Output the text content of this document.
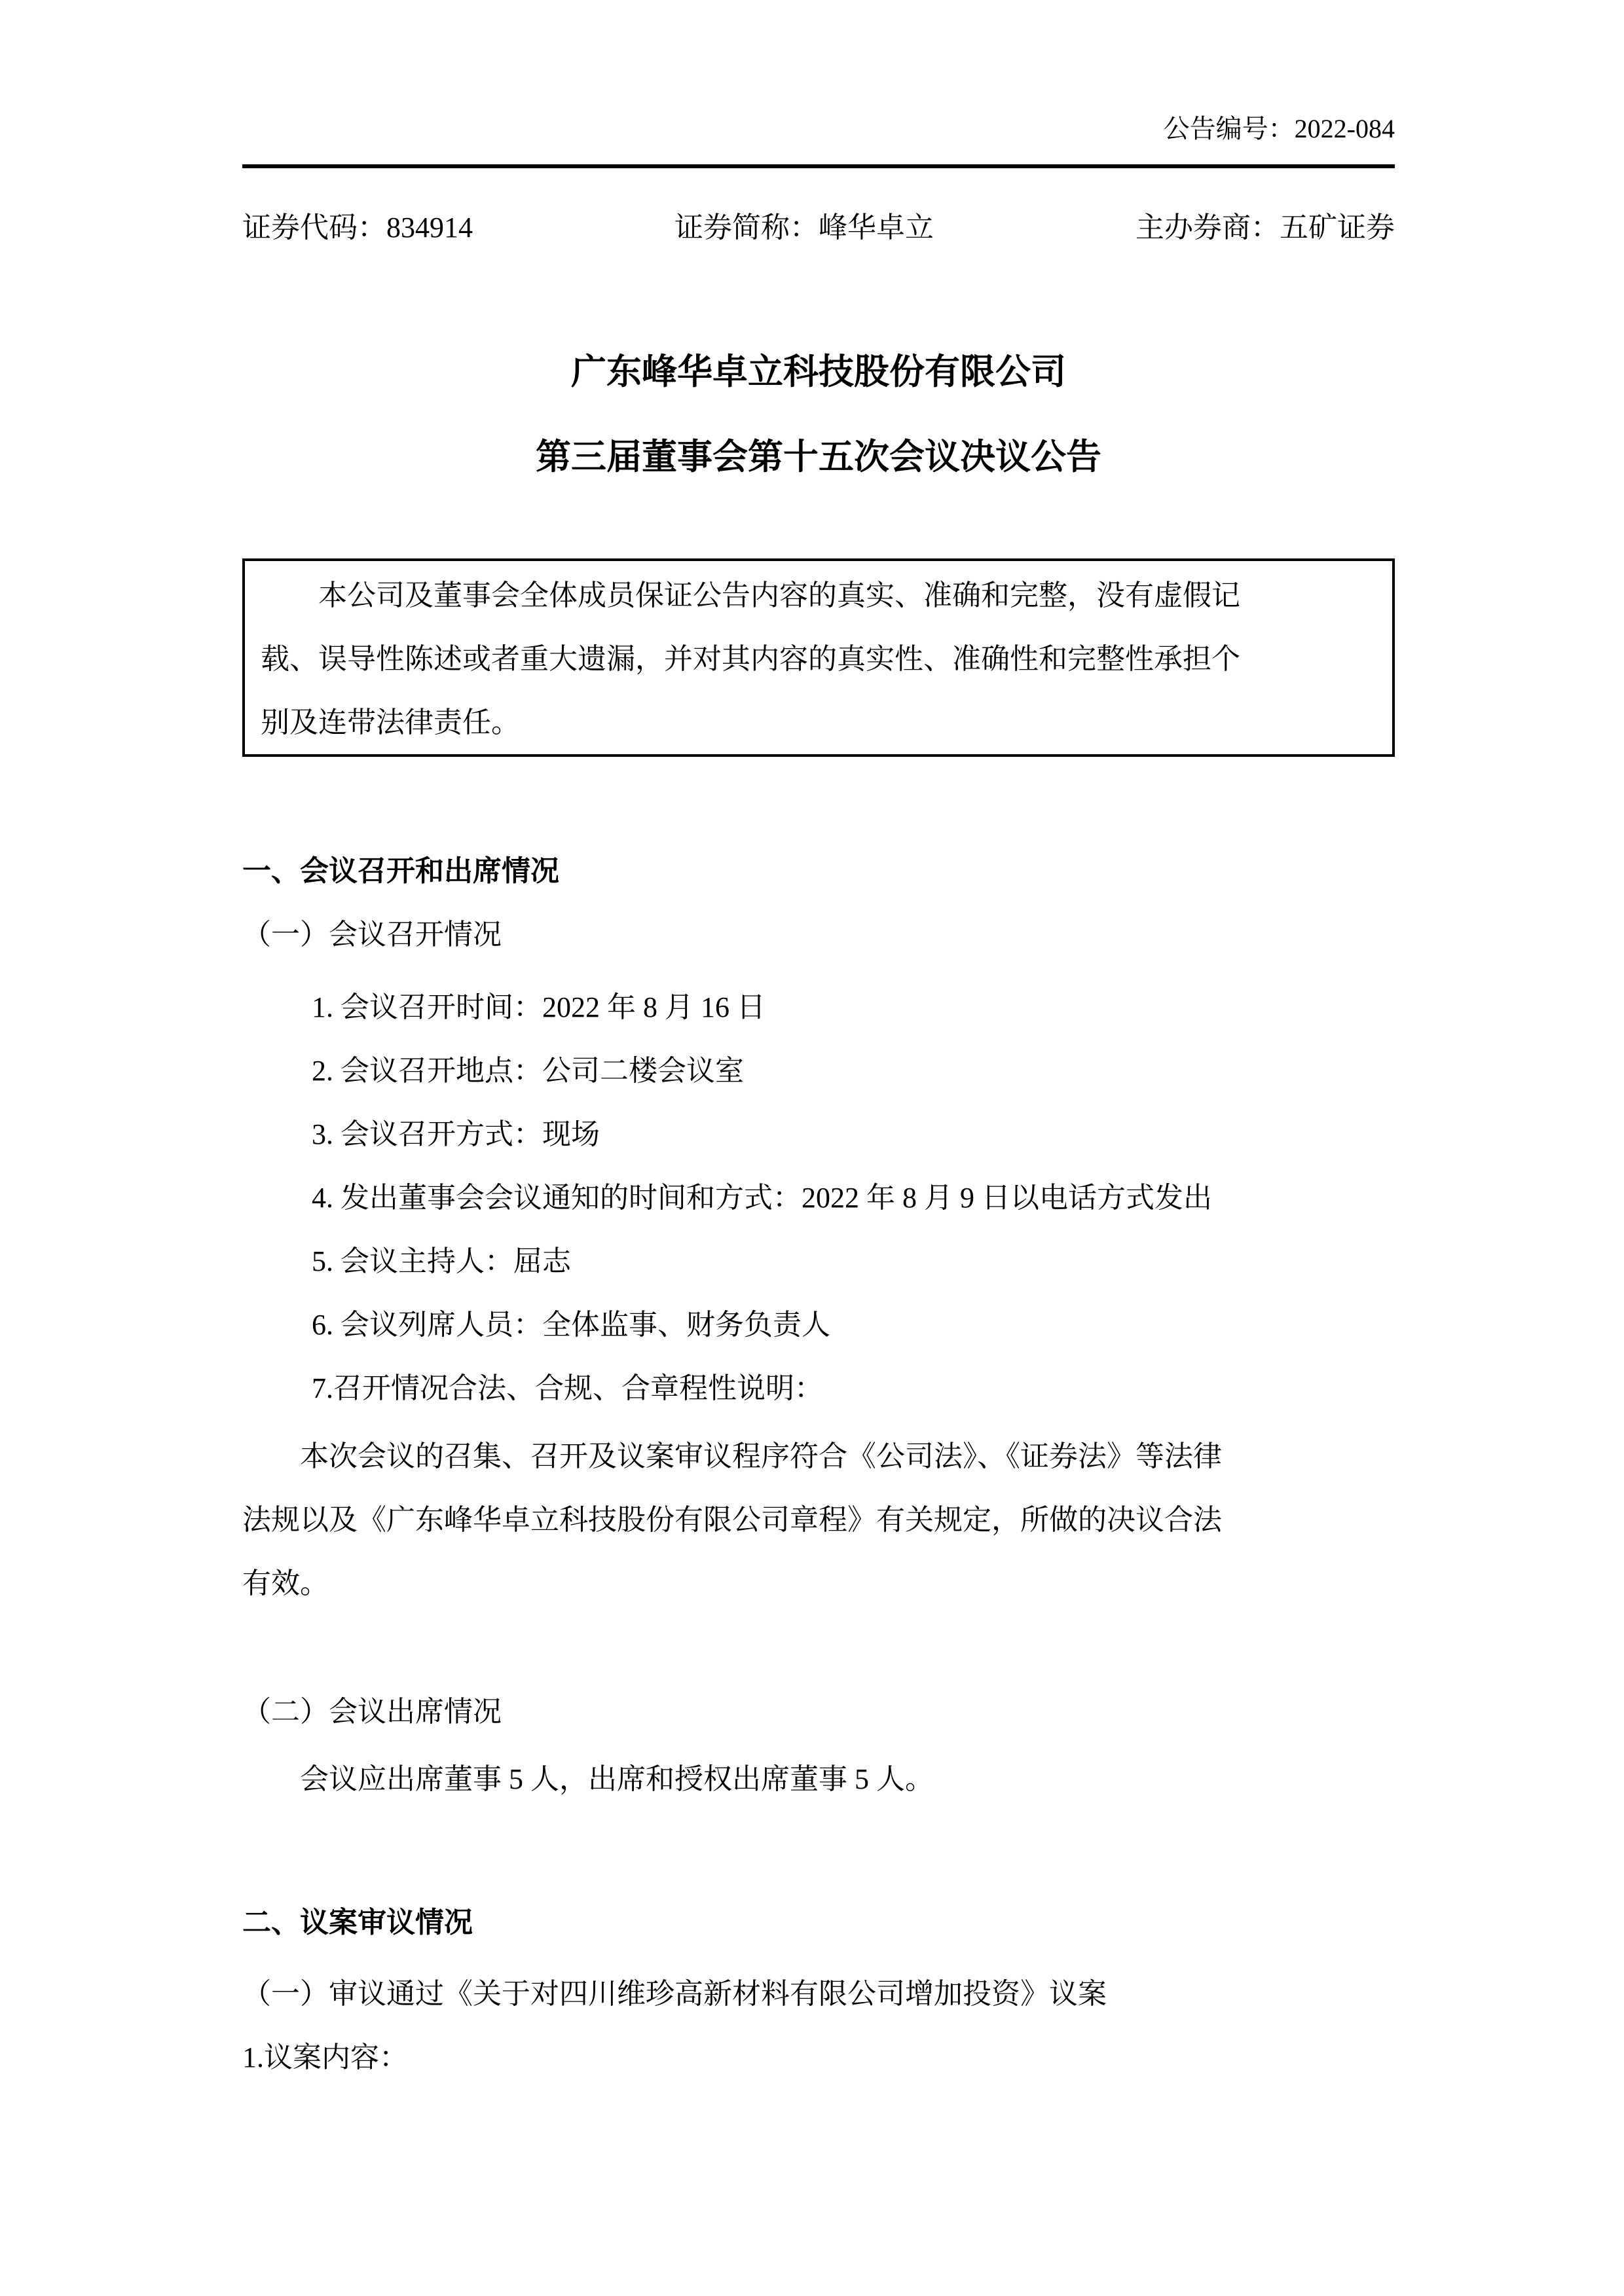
公告编号：2022-084
证券代码：834914	证券简称：峰华卓立	主办券商：五矿证券
广东峰华卓立科技股份有限公司
第三届董事会第十五次会议决议公告
本公司及董事会全体成员保证公告内容的真实、准确和完整，没有虚假记
载、误导性陈述或者重大遗漏，并对其内容的真实性、准确性和完整性承担个
别及连带法律责任。
一、会议召开和出席情况
（一）会议召开情况
1. 会议召开时间：2022 年 8 月 16 日
2. 会议召开地点：公司二楼会议室
3. 会议召开方式：现场
4. 发出董事会会议通知的时间和方式：2022 年 8 月 9 日以电话方式发出
5. 会议主持人：屈志
6. 会议列席人员：全体监事、财务负责人
7.召开情况合法、合规、合章程性说明：
本次会议的召集、召开及议案审议程序符合《公司法》、《证券法》等法律
法规以及《广东峰华卓立科技股份有限公司章程》有关规定，所做的决议合法
有效。
（二）会议出席情况
会议应出席董事 5 人，出席和授权出席董事 5 人。
二、议案审议情况
（一）审议通过《关于对四川维珍高新材料有限公司增加投资》议案
1.议案内容：
